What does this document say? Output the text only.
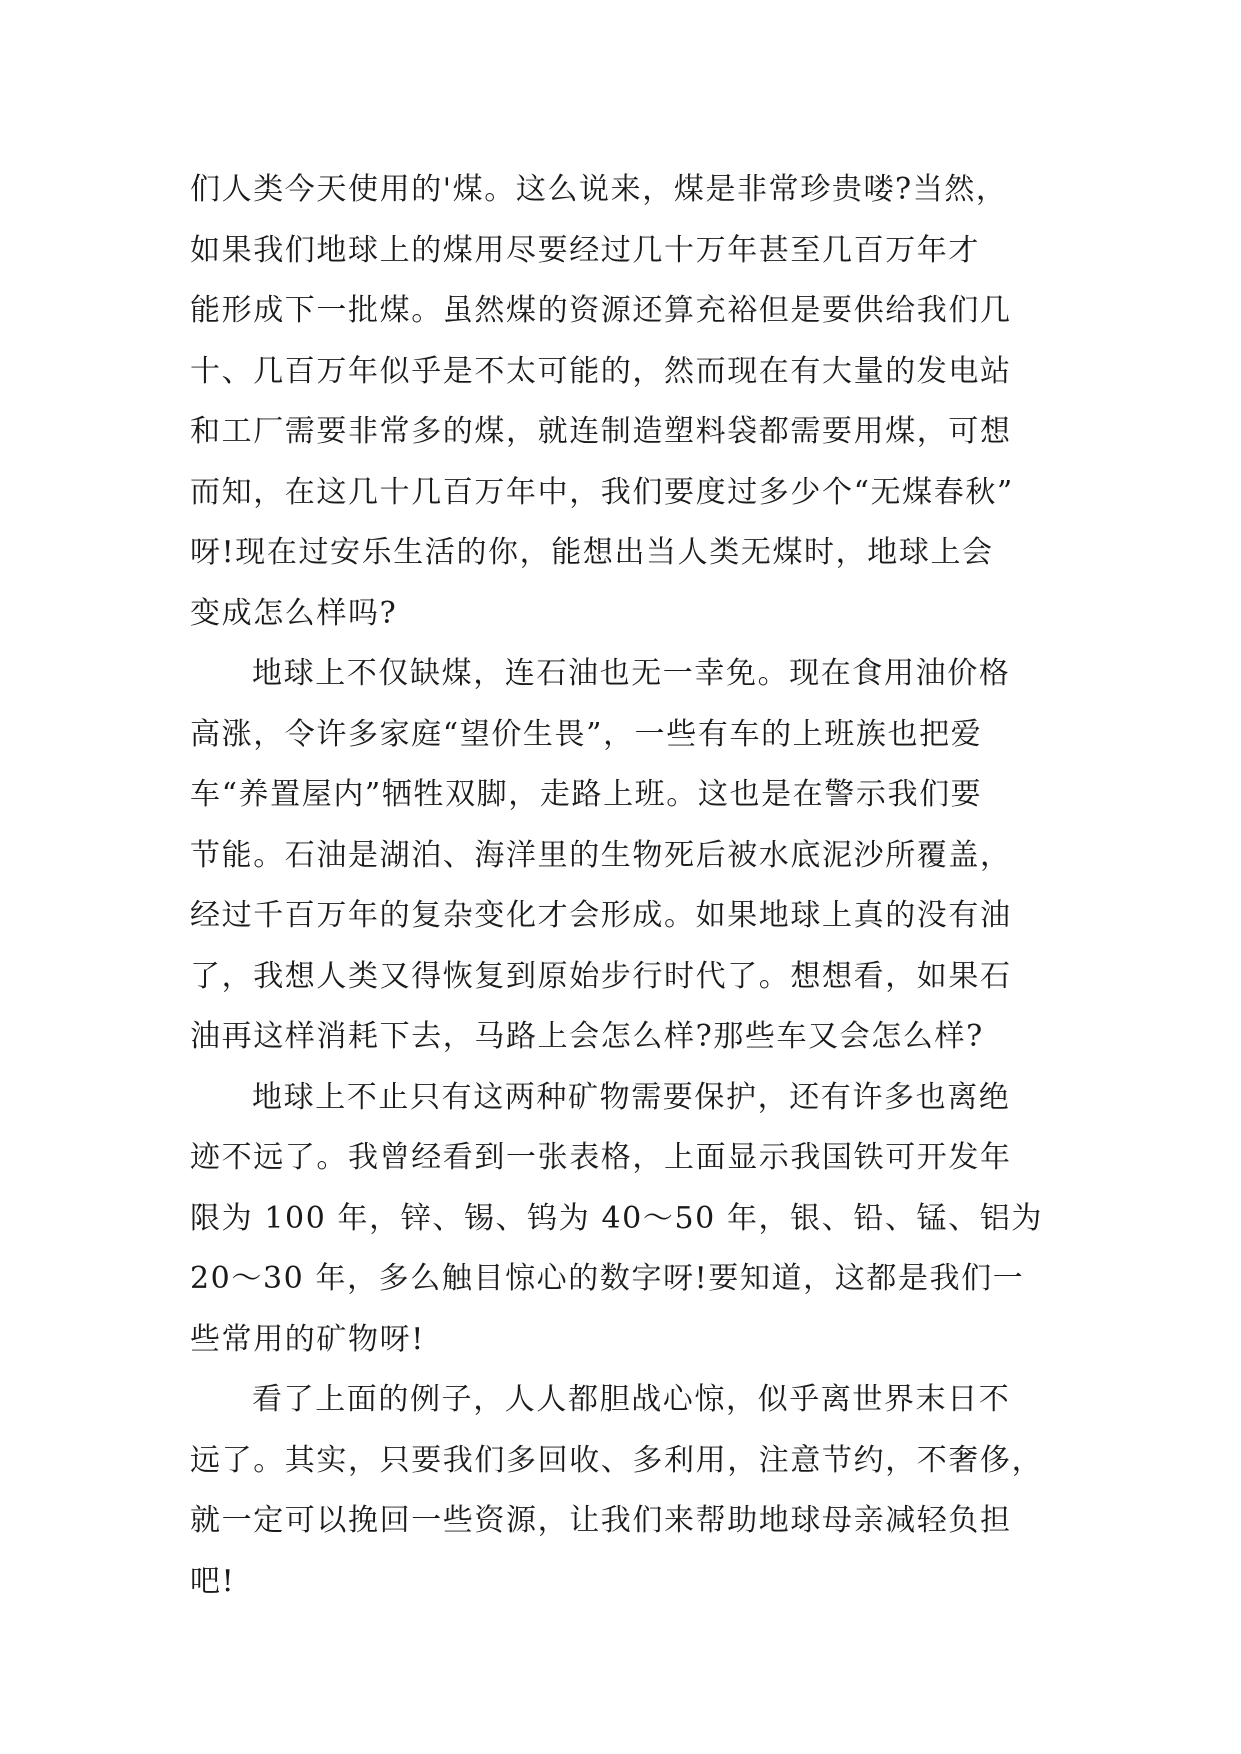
们人类今天使用的'煤。这么说来，煤是非常珍贵喽?当然，
如果我们地球上的煤用尽要经过几十万年甚至几百万年才
能形成下一批煤。虽然煤的资源还算充裕但是要供给我们几
十、几百万年似乎是不太可能的，然而现在有大量的发电站
和工厂需要非常多的煤，就连制造塑料袋都需要用煤，可想
而知，在这几十几百万年中，我们要度过多少个“无煤春秋”
呀!现在过安乐生活的你，能想出当人类无煤时，地球上会
变成怎么样吗?
地球上不仅缺煤，连石油也无一幸免。现在食用油价格
高涨，令许多家庭“望价生畏”，一些有车的上班族也把爱
车“养置屋内”牺牲双脚，走路上班。这也是在警示我们要
节能。石油是湖泊、海洋里的生物死后被水底泥沙所覆盖，
经过千百万年的复杂变化才会形成。如果地球上真的没有油
了，我想人类又得恢复到原始步行时代了。想想看，如果石
油再这样消耗下去，马路上会怎么样?那些车又会怎么样?
地球上不止只有这两种矿物需要保护，还有许多也离绝
迹不远了。我曾经看到一张表格，上面显示我国铁可开发年
限为 100 年，锌、锡、钨为 40～50 年，银、铅、锰、铝为
20～30 年，多么触目惊心的数字呀!要知道，这都是我们一
些常用的矿物呀!
看了上面的例子，人人都胆战心惊，似乎离世界末日不
远了。其实，只要我们多回收、多利用，注意节约，不奢侈，
就一定可以挽回一些资源，让我们来帮助地球母亲减轻负担
吧!
